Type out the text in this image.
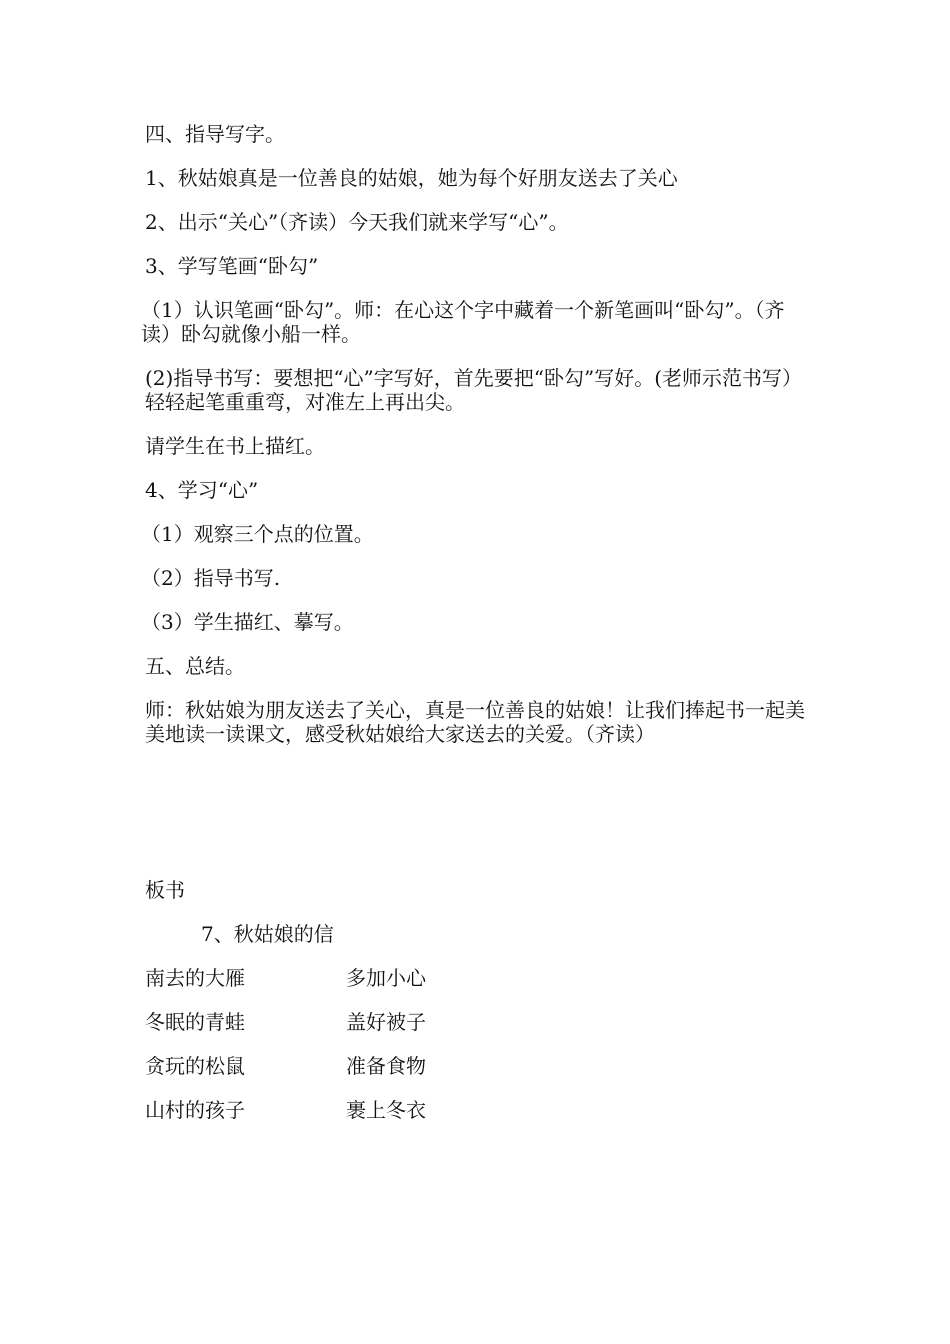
四、指导写字。

1、秋姑娘真是一位善良的姑娘，她为每个好朋友送去了关心

2、出示“关心”（齐读）今天我们就来学写“心”。

3、学写笔画“卧勾”

（1）认识笔画“卧勾”。师：在心这个字中藏着一个新笔画叫“卧勾”。（齐读）卧勾就像小船一样。

(2)指导书写：要想把“心”字写好，首先要把“卧勾”写好。(老师示范书写）轻轻起笔重重弯，对准左上再出尖。

请学生在书上描红。

4、学习“心”

（1）观察三个点的位置。

（2）指导书写.

（3）学生描红、摹写。

五、总结。

师：秋姑娘为朋友送去了关心，真是一位善良的姑娘！让我们捧起书一起美美地读一读课文，感受秋姑娘给大家送去的关爱。（齐读）

板书

7、秋姑娘的信

南去的大雁	多加小心
冬眠的青蛙	盖好被子
贪玩的松鼠	准备食物
山村的孩子	裹上冬衣
